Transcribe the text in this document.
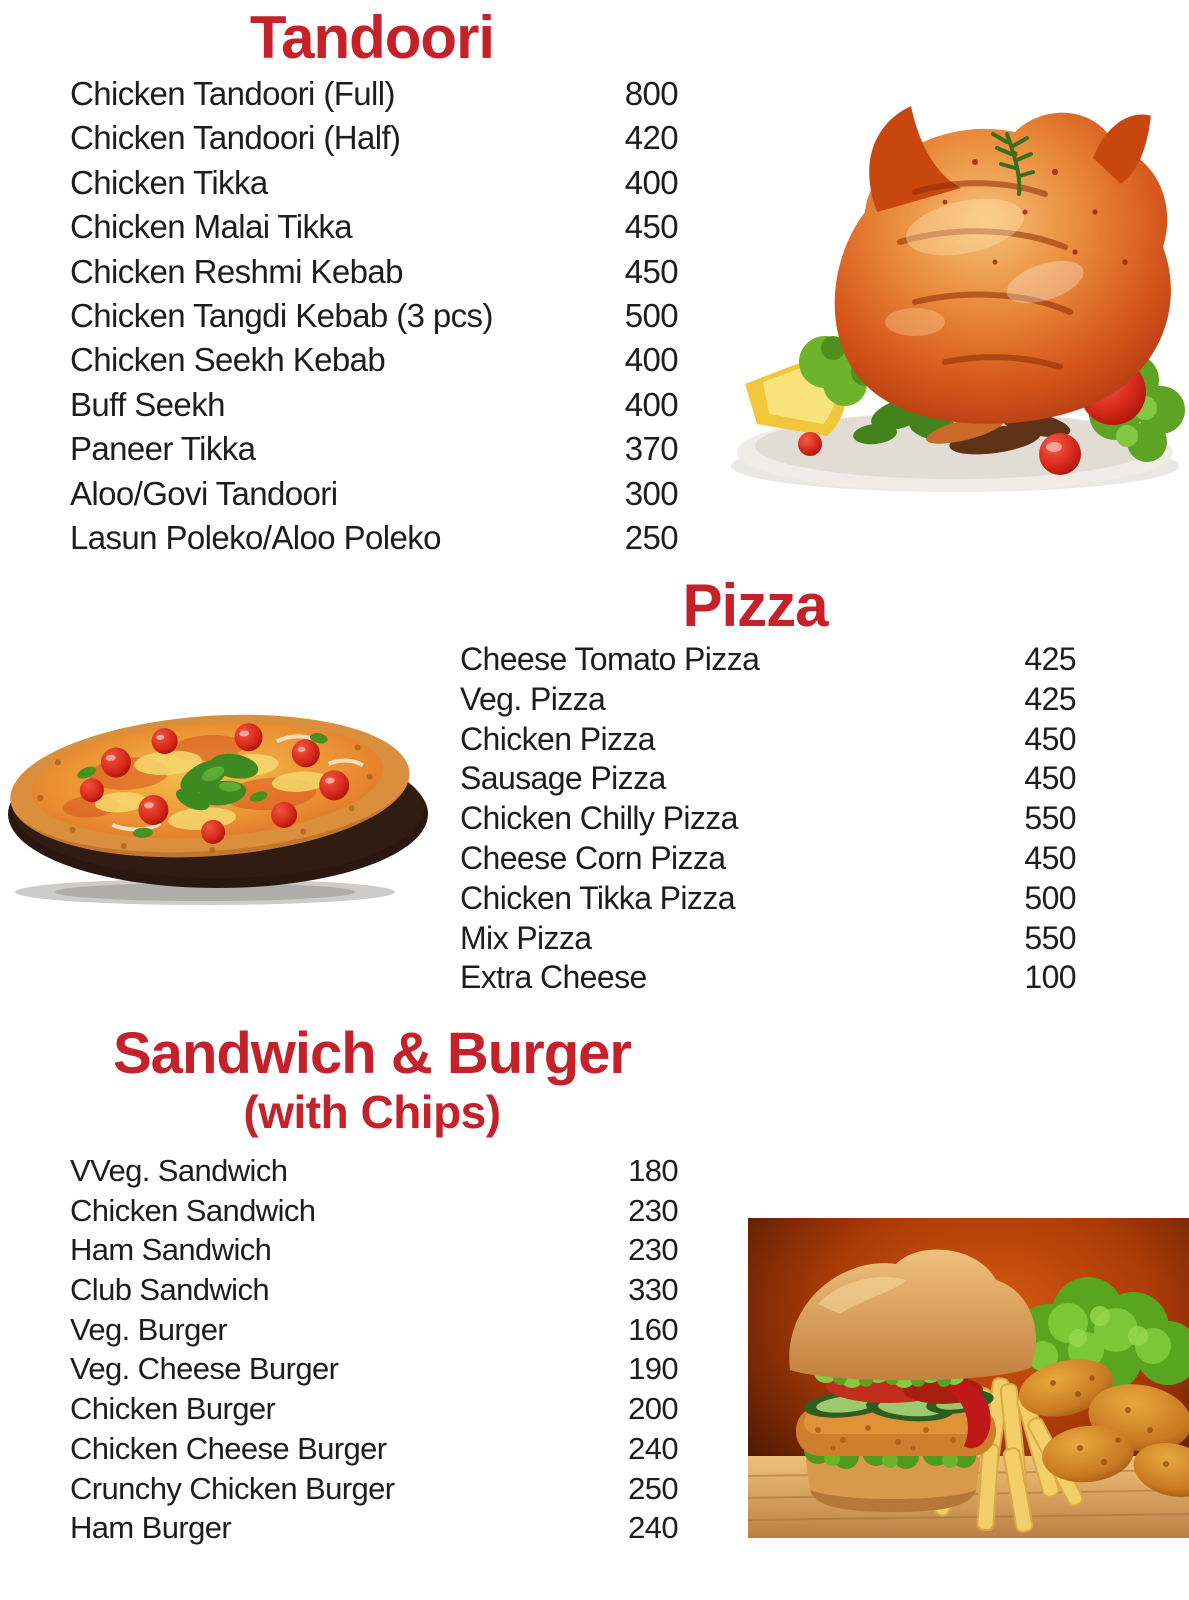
Tandoori
Chicken Tandoori (Full)	800
Chicken Tandoori (Half)	420
Chicken Tikka	400
Chicken Malai Tikka	450
Chicken Reshmi Kebab	450
Chicken Tangdi Kebab (3 pcs)	500
Chicken Seekh Kebab	400
Buff Seekh	400
Paneer Tikka	370
Aloo/Govi Tandoori	300
Lasun Poleko/Aloo Poleko	250
Pizza
Cheese Tomato Pizza	425
Veg. Pizza	425
Chicken Pizza	450
Sausage Pizza	450
Chicken Chilly Pizza	550
Cheese Corn Pizza	450
Chicken Tikka Pizza	500
Mix Pizza	550
Extra Cheese	100
Sandwich & Burger
(with Chips)
VVeg. Sandwich	180
Chicken Sandwich	230
Ham Sandwich	230
Club Sandwich	330
Veg. Burger	160
Veg. Cheese Burger	190
Chicken Burger	200
Chicken Cheese Burger	240
Crunchy Chicken Burger	250
Ham Burger	240
